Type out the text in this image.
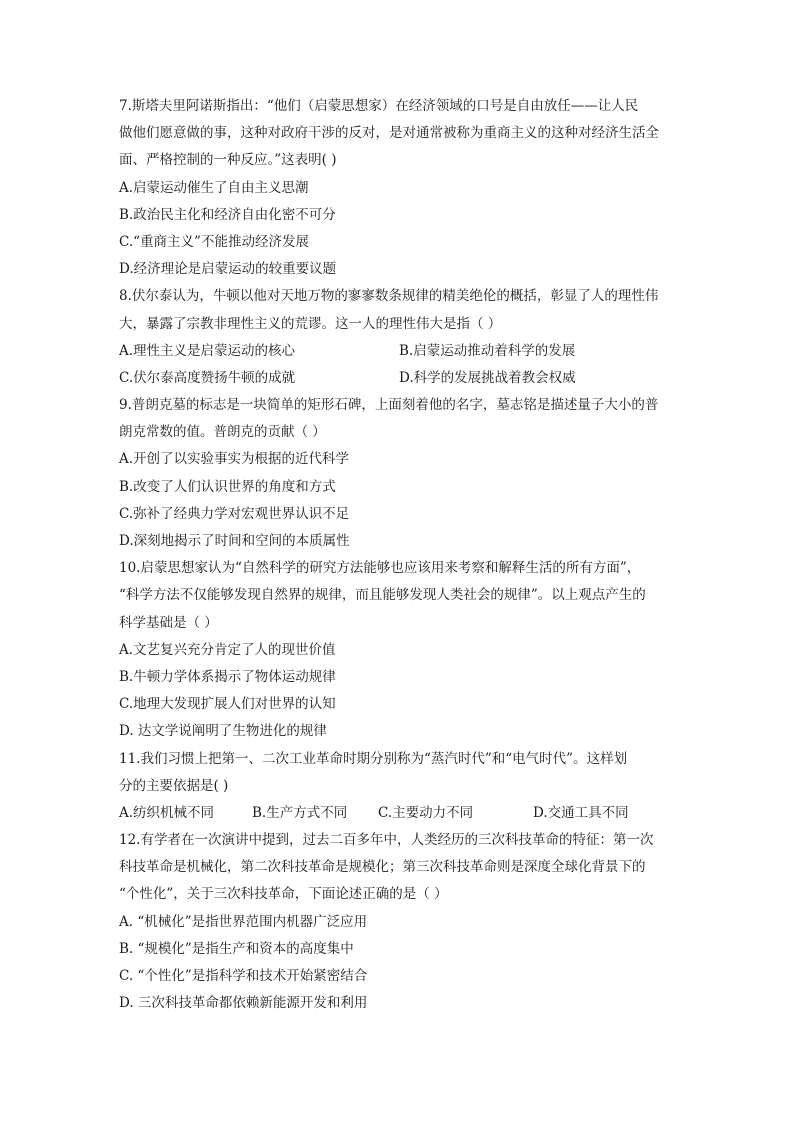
7.斯塔夫里阿诺斯指出：“他们（启蒙思想家）在经济领域的口号是自由放任——让人民
做他们愿意做的事，这种对政府干涉的反对，是对通常被称为重商主义的这种对经济生活全
面、严格控制的一种反应。”这表明( )
A.启蒙运动催生了自由主义思潮
B.政治民主化和经济自由化密不可分
C.“重商主义”不能推动经济发展
D.经济理论是启蒙运动的较重要议题
8.伏尔泰认为，牛顿以他对天地万物的寥寥数条规律的精美绝伦的概括，彰显了人的理性伟
大，暴露了宗教非理性主义的荒谬。这一人的理性伟大是指（ ）
A.理性主义是启蒙运动的核心	B.启蒙运动推动着科学的发展
C.伏尔泰高度赞扬牛顿的成就	D.科学的发展挑战着教会权威
9.普朗克墓的标志是一块简单的矩形石碑，上面刻着他的名字，墓志铭是描述量子大小的普
朗克常数的值。普朗克的贡献（ ）
A.开创了以实验事实为根据的近代科学
B.改变了人们认识世界的角度和方式
C.弥补了经典力学对宏观世界认识不足
D.深刻地揭示了时间和空间的本质属性
10.启蒙思想家认为“自然科学的研究方法能够也应该用来考察和解释生活的所有方面”，
“科学方法不仅能够发现自然界的规律，而且能够发现人类社会的规律”。以上观点产生的
科学基础是（ ）
A.文艺复兴充分肯定了人的现世价值
B.牛顿力学体系揭示了物体运动规律
C.地理大发现扩展人们对世界的认知
D. 达文学说阐明了生物进化的规律
11.我们习惯上把第一、二次工业革命时期分别称为“蒸汽时代”和“电气时代”。这样划
分的主要依据是( )
A.纺织机械不同	B.生产方式不同	C.主要动力不同	D.交通工具不同
12.有学者在一次演讲中提到，过去二百多年中，人类经历的三次科技革命的特征：第一次
科技革命是机械化，第二次科技革命是规模化；第三次科技革命则是深度全球化背景下的
“个性化”，关于三次科技革命，下面论述正确的是（ ）
A. “机械化”是指世界范围内机器广泛应用
B. “规模化”是指生产和资本的高度集中
C. “个性化”是指科学和技术开始紧密结合
D. 三次科技革命都依赖新能源开发和利用
